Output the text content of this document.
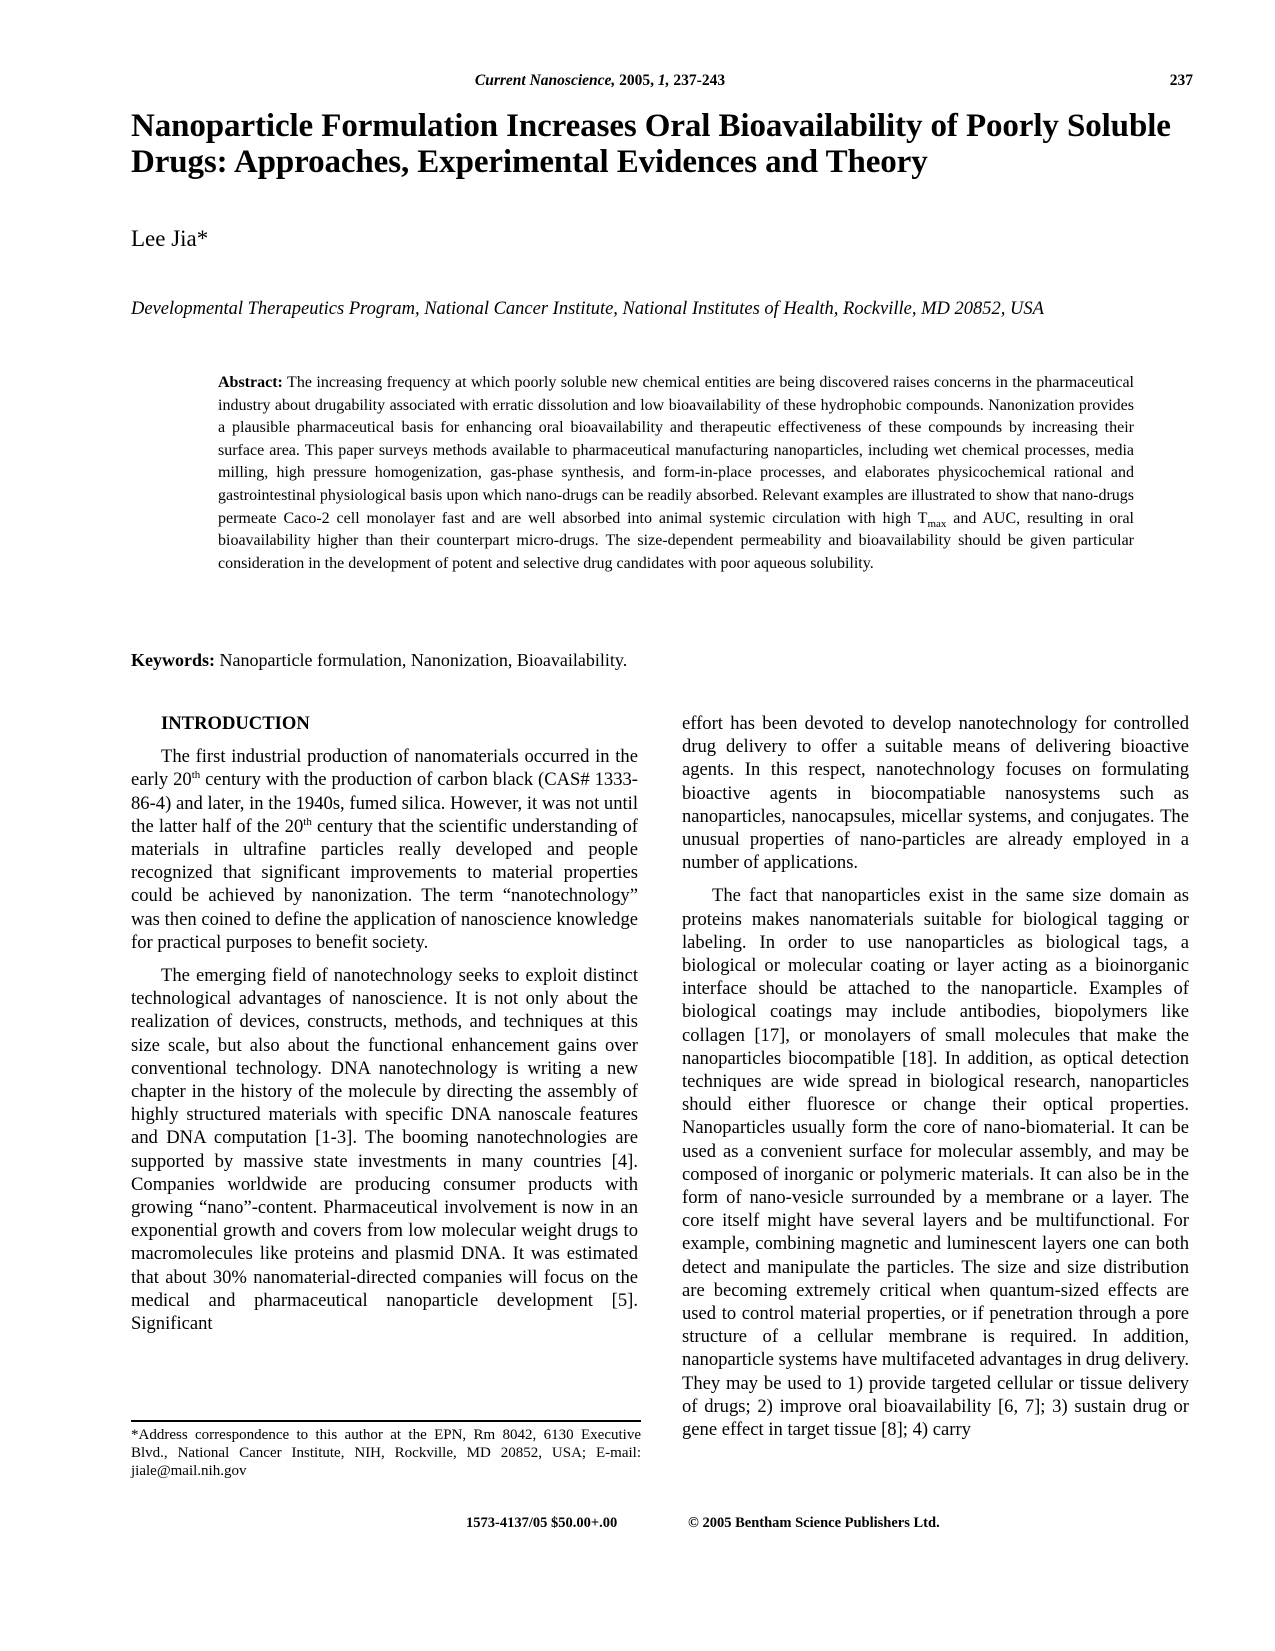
Current Nanoscience, 2005, 1, 237-243	237
Nanoparticle Formulation Increases Oral Bioavailability of Poorly Soluble Drugs: Approaches, Experimental Evidences and Theory
Lee Jia*
Developmental Therapeutics Program, National Cancer Institute, National Institutes of Health, Rockville, MD 20852, USA

Abstract: The increasing frequency at which poorly soluble new chemical entities are being discovered raises concerns in the pharmaceutical industry about drugability associated with erratic dissolution and low bioavailability of these hydrophobic compounds. Nanonization provides a plausible pharmaceutical basis for enhancing oral bioavailability and therapeutic effectiveness of these compounds by increasing their surface area. This paper surveys methods available to pharmaceutical manufacturing nanoparticles, including wet chemical processes, media milling, high pressure homogenization, gas-phase synthesis, and form-in-place processes, and elaborates physicochemical rational and gastrointestinal physiological basis upon which nano-drugs can be readily absorbed. Relevant examples are illustrated to show that nano-drugs permeate Caco-2 cell monolayer fast and are well absorbed into animal systemic circulation with high $T_{max}$ and AUC, resulting in oral bioavailability higher than their counterpart micro-drugs. The size-dependent permeability and bioavailability should be given particular consideration in the development of potent and selective drug candidates with poor aqueous solubility.

Keywords: Nanoparticle formulation, Nanonization, Bioavailability.

INTRODUCTION

The first industrial production of nanomaterials occurred in the early 20th century with the production of carbon black (CAS# 1333-86-4) and later, in the 1940s, fumed silica. However, it was not until the latter half of the 20th century that the scientific understanding of materials in ultrafine particles really developed and people recognized that significant improvements to material properties could be achieved by nanonization. The term “nanotechnology” was then coined to define the application of nanoscience knowledge for practical purposes to benefit society.

The emerging field of nanotechnology seeks to exploit distinct technological advantages of nanoscience. It is not only about the realization of devices, constructs, methods, and techniques at this size scale, but also about the functional enhancement gains over conventional technology. DNA nanotechnology is writing a new chapter in the history of the molecule by directing the assembly of highly structured materials with specific DNA nanoscale features and DNA computation [1-3]. The booming nanotechnologies are supported by massive state investments in many countries [4]. Companies worldwide are producing consumer products with growing “nano”-content. Pharmaceutical involvement is now in an exponential growth and covers from low molecular weight drugs to macromolecules like proteins and plasmid DNA. It was estimated that about 30% nanomaterial-directed companies will focus on the medical and pharmaceutical nanoparticle development [5]. Significant

effort has been devoted to develop nanotechnology for controlled drug delivery to offer a suitable means of delivering bioactive agents. In this respect, nanotechnology focuses on formulating bioactive agents in biocompatiable nanosystems such as nanoparticles, nanocapsules, micellar systems, and conjugates. The unusual properties of nano-particles are already employed in a number of applications.

The fact that nanoparticles exist in the same size domain as proteins makes nanomaterials suitable for biological tagging or labeling. In order to use nanoparticles as biological tags, a biological or molecular coating or layer acting as a bioinorganic interface should be attached to the nanoparticle. Examples of biological coatings may include antibodies, biopolymers like collagen [17], or monolayers of small molecules that make the nanoparticles biocompatible [18]. In addition, as optical detection techniques are wide spread in biological research, nanoparticles should either fluoresce or change their optical properties. Nanoparticles usually form the core of nano-biomaterial. It can be used as a convenient surface for molecular assembly, and may be composed of inorganic or polymeric materials. It can also be in the form of nano-vesicle surrounded by a membrane or a layer. The core itself might have several layers and be multifunctional. For example, combining magnetic and luminescent layers one can both detect and manipulate the particles. The size and size distribution are becoming extremely critical when quantum-sized effects are used to control material properties, or if penetration through a pore structure of a cellular membrane is required. In addition, nanoparticle systems have multifaceted advantages in drug delivery. They may be used to 1) provide targeted cellular or tissue delivery of drugs; 2) improve oral bioavailability [6, 7]; 3) sustain drug or gene effect in target tissue [8]; 4) carry

*Address correspondence to this author at the EPN, Rm 8042, 6130 Executive Blvd., National Cancer Institute, NIH, Rockville, MD 20852, USA; E-mail: jiale@mail.nih.gov
1573-4137/05 $50.00+.00	© 2005 Bentham Science Publishers Ltd.
